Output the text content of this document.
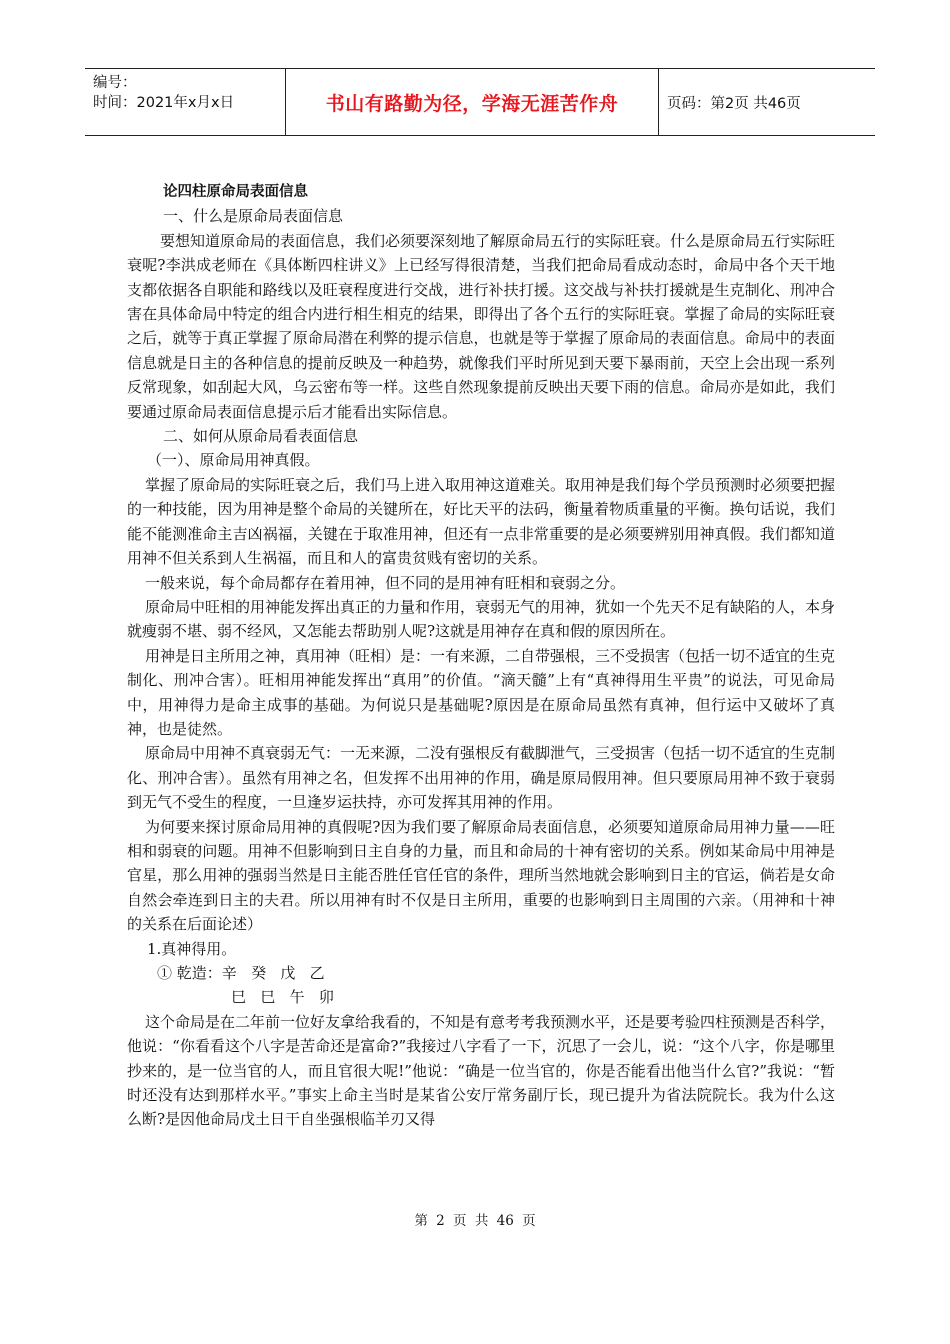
编号：
时间：2021年x月x日	书山有路勤为径，学海无涯苦作舟	页码：第2页 共46页

论四柱原命局表面信息

一、什么是原命局表面信息

要想知道原命局的表面信息，我们必须要深刻地了解原命局五行的实际旺衰。什么是原命局五行实际旺衰呢?李洪成老师在《具体断四柱讲义》上已经写得很清楚，当我们把命局看成动态时，命局中各个天干地支都依据各自职能和路线以及旺衰程度进行交战，进行补扶打援。这交战与补扶打援就是生克制化、刑冲合害在具体命局中特定的组合内进行相生相克的结果，即得出了各个五行的实际旺衰。掌握了命局的实际旺衰之后，就等于真正掌握了原命局潜在利弊的提示信息，也就是等于掌握了原命局的表面信息。命局中的表面信息就是日主的各种信息的提前反映及一种趋势，就像我们平时所见到天要下暴雨前，天空上会出现一系列反常现象，如刮起大风，乌云密布等一样。这些自然现象提前反映出天要下雨的信息。命局亦是如此，我们要通过原命局表面信息提示后才能看出实际信息。

二、如何从原命局看表面信息

（一）、原命局用神真假。

掌握了原命局的实际旺衰之后，我们马上进入取用神这道难关。取用神是我们每个学员预测时必须要把握的一种技能，因为用神是整个命局的关键所在，好比天平的法码，衡量着物质重量的平衡。换句话说，我们能不能测准命主吉凶祸福，关键在于取准用神，但还有一点非常重要的是必须要辨别用神真假。我们都知道用神不但关系到人生祸福，而且和人的富贵贫贱有密切的关系。

一般来说，每个命局都存在着用神，但不同的是用神有旺相和衰弱之分。

原命局中旺相的用神能发挥出真正的力量和作用，衰弱无气的用神，犹如一个先天不足有缺陷的人，本身就瘦弱不堪、弱不经风，又怎能去帮助别人呢?这就是用神存在真和假的原因所在。

用神是日主所用之神，真用神（旺相）是：一有来源，二自带强根，三不受损害（包括一切不适宜的生克制化、刑冲合害）。旺相用神能发挥出“真用”的价值。“滴天髓”上有“真神得用生平贵”的说法，可见命局中，用神得力是命主成事的基础。为何说只是基础呢?原因是在原命局虽然有真神，但行运中又破坏了真神，也是徒然。

原命局中用神不真衰弱无气：一无来源，二没有强根反有截脚泄气，三受损害（包括一切不适宜的生克制化、刑冲合害）。虽然有用神之名，但发挥不出用神的作用，确是原局假用神。但只要原局用神不致于衰弱到无气不受生的程度，一旦逢岁运扶持，亦可发挥其用神的作用。

为何要来探讨原命局用神的真假呢?因为我们要了解原命局表面信息，必须要知道原命局用神力量——旺相和弱衰的问题。用神不但影响到日主自身的力量，而且和命局的十神有密切的关系。例如某命局中用神是官星，那么用神的强弱当然是日主能否胜任官任官的条件，理所当然地就会影响到日主的官运，倘若是女命自然会牵连到日主的夫君。所以用神有时不仅是日主所用，重要的也影响到日主周围的六亲。（用神和十神的关系在后面论述）

1.真神得用。

① 乾造：辛   癸   戊   乙

巳   巳   午   卯

这个命局是在二年前一位好友拿给我看的，不知是有意考考我预测水平，还是要考验四柱预测是否科学，他说：“你看看这个八字是苦命还是富命?”我接过八字看了一下，沉思了一会儿，说：“这个八字，你是哪里抄来的，是一位当官的人，而且官很大呢!”他说：“确是一位当官的，你是否能看出他当什么官?”我说：“暂时还没有达到那样水平。”事实上命主当时是某省公安厅常务副厅长，现已提升为省法院院长。我为什么这 么断?是因他命局戊土日干自坐强根临羊刃又得

第 2 页 共 46 页
